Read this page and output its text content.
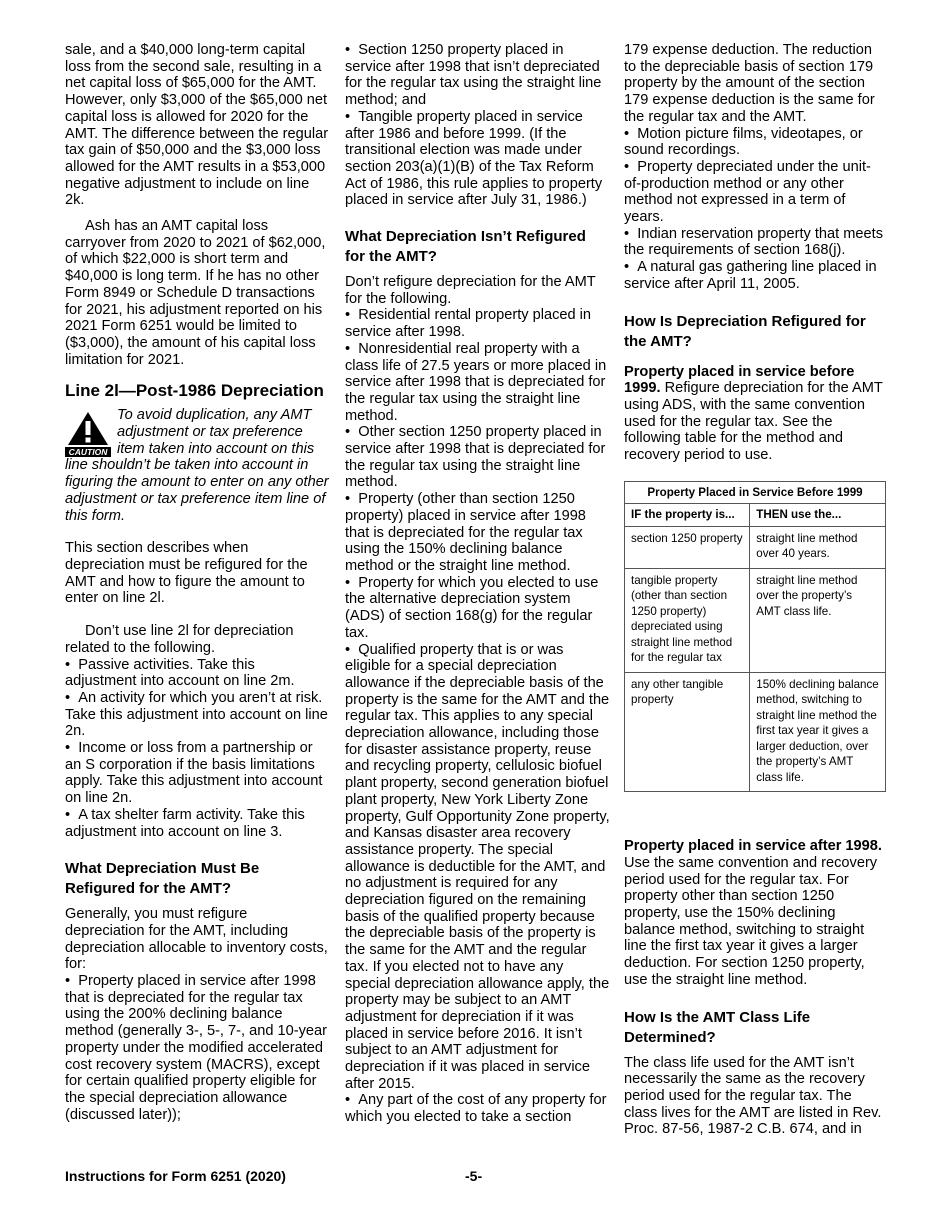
sale, and a $40,000 long-term capital loss from the second sale, resulting in a net capital loss of $65,000 for the AMT. However, only $3,000 of the $65,000 net capital loss is allowed for 2020 for the AMT. The difference between the regular tax gain of $50,000 and the $3,000 loss allowed for the AMT results in a $53,000 negative adjustment to include on line 2k.

Ash has an AMT capital loss carryover from 2020 to 2021 of $62,000, of which $22,000 is short term and $40,000 is long term. If he has no other Form 8949 or Schedule D transactions for 2021, his adjustment reported on his 2021 Form 6251 would be limited to ($3,000), the amount of his capital loss limitation for 2021.

Line 2l—Post-1986 Depreciation
CAUTION
To avoid duplication, any AMT adjustment or tax preference item taken into account on this line shouldn’t be taken into account in figuring the amount to enter on any other adjustment or tax preference item line of this form.

This section describes when depreciation must be refigured for the AMT and how to figure the amount to enter on line 2l.

Don’t use line 2l for depreciation related to the following.

•  Passive activities. Take this adjustment into account on line 2m.

•  An activity for which you aren’t at risk. Take this adjustment into account on line 2n.

•  Income or loss from a partnership or an S corporation if the basis limitations apply. Take this adjustment into account on line 2n.

•  A tax shelter farm activity. Take this adjustment into account on line 3.

What Depreciation Must Be Refigured for the AMT?

Generally, you must refigure depreciation for the AMT, including depreciation allocable to inventory costs, for:

•  Property placed in service after 1998 that is depreciated for the regular tax using the 200% declining balance method (generally 3-, 5-, 7-, and 10-year property under the modified accelerated cost recovery system (MACRS), except for certain qualified property eligible for the special depreciation allowance (discussed later));

•  Section 1250 property placed in service after 1998 that isn’t depreciated for the regular tax using the straight line method; and

•  Tangible property placed in service after 1986 and before 1999. (If the transitional election was made under section 203(a)(1)(B) of the Tax Reform Act of 1986, this rule applies to property placed in service after July 31, 1986.)

What Depreciation Isn’t Refigured for the AMT?

Don’t refigure depreciation for the AMT for the following.

•  Residential rental property placed in service after 1998.

•  Nonresidential real property with a class life of 27.5 years or more placed in service after 1998 that is depreciated for the regular tax using the straight line method.

•  Other section 1250 property placed in service after 1998 that is depreciated for the regular tax using the straight line method.

•  Property (other than section 1250 property) placed in service after 1998 that is depreciated for the regular tax using the 150% declining balance method or the straight line method.

•  Property for which you elected to use the alternative depreciation system (ADS) of section 168(g) for the regular tax.

•  Qualified property that is or was eligible for a special depreciation allowance if the depreciable basis of the property is the same for the AMT and the regular tax. This applies to any special depreciation allowance, including those for disaster assistance property, reuse and recycling property, cellulosic biofuel plant property, second generation biofuel plant property, New York Liberty Zone property, Gulf Opportunity Zone property, and Kansas disaster area recovery assistance property. The special allowance is deductible for the AMT, and no adjustment is required for any depreciation figured on the remaining basis of the qualified property because the depreciable basis of the property is the same for the AMT and the regular tax. If you elected not to have any special depreciation allowance apply, the property may be subject to an AMT adjustment for depreciation if it was placed in service before 2016. It isn’t subject to an AMT adjustment for depreciation if it was placed in service after 2015.

•  Any part of the cost of any property for which you elected to take a section

179 expense deduction. The reduction to the depreciable basis of section 179 property by the amount of the section 179 expense deduction is the same for the regular tax and the AMT.

•  Motion picture films, videotapes, or sound recordings.

•  Property depreciated under the unit-of-production method or any other method not expressed in a term of years.

•  Indian reservation property that meets the requirements of section 168(j).

•  A natural gas gathering line placed in service after April 11, 2005.

How Is Depreciation Refigured for the AMT?

Property placed in service before 1999. Refigure depreciation for the AMT using ADS, with the same convention used for the regular tax. See the following table for the method and recovery period to use.

Property Placed in Service Before 1999	
IF the property is...	THEN use the...
section 1250 property	straight line method over 40 years.
tangible property (other than section 1250 property) depreciated using straight line method for the regular tax	straight line method over the property’s AMT class life.
any other tangible property	150% declining balance method, switching to straight line method the first tax year it gives a larger deduction, over the property’s AMT class life.

Property placed in service after 1998. Use the same convention and recovery period used for the regular tax. For property other than section 1250 property, use the 150% declining balance method, switching to straight line the first tax year it gives a larger deduction. For section 1250 property, use the straight line method.

How Is the AMT Class Life Determined?

The class life used for the AMT isn’t necessarily the same as the recovery period used for the regular tax. The class lives for the AMT are listed in Rev. Proc. 87-56, 1987-2 C.B. 674, and in

Instructions for Form 6251 (2020)	-5-
